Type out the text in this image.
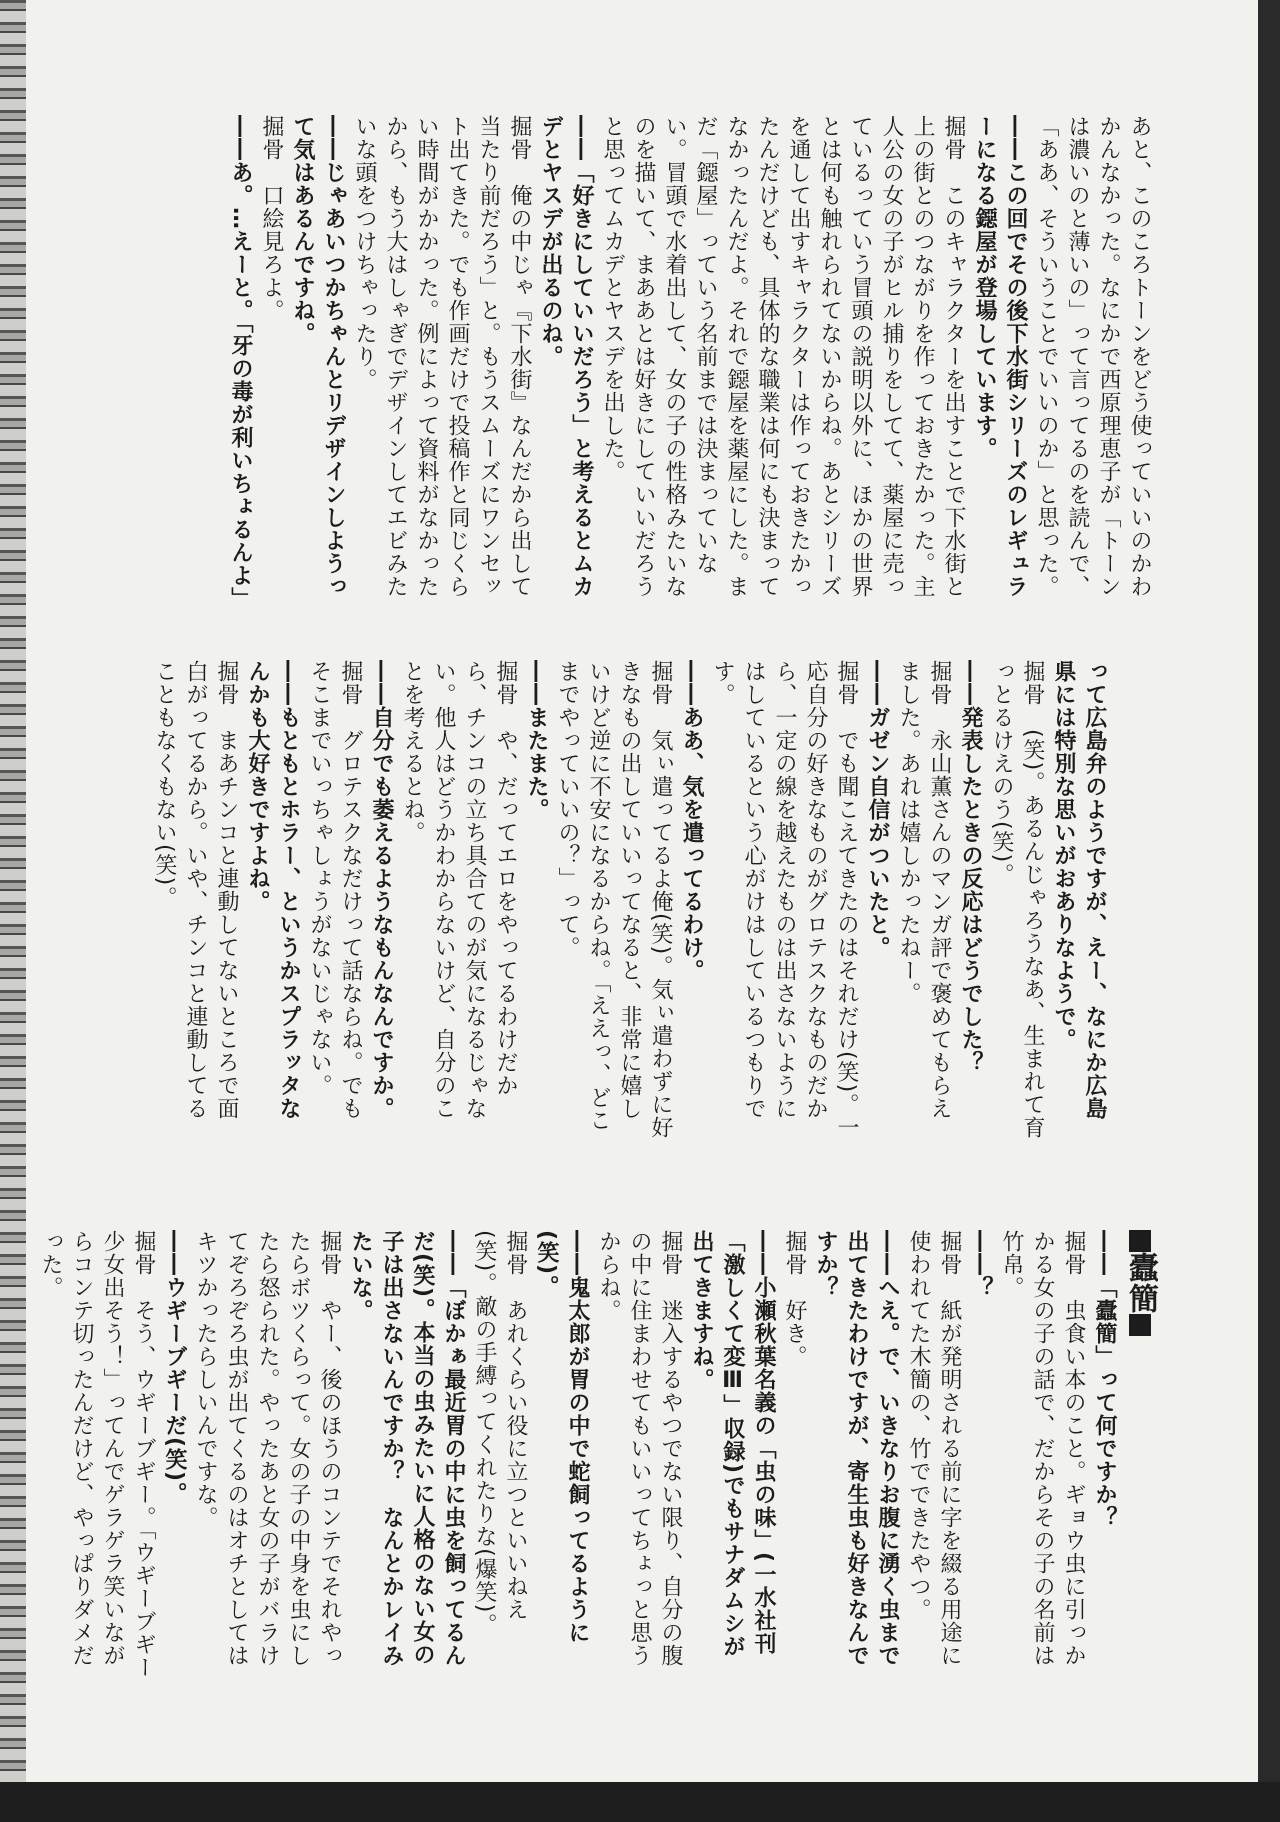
あと、このころトーンをどう使っていいのかわかんなかった。なにかで西原理恵子が「トーンは濃いのと薄いの」って言ってるのを読んで、「ああ、そういうことでいいのか」と思った。

――この回でその後下水街シリーズのレギュラーになる鐚屋が登場しています。

掘骨　このキャラクターを出すことで下水街と上の街とのつながりを作っておきたかった。主人公の女の子がヒル捕りをしてて、薬屋に売っているっていう冒頭の説明以外に、ほかの世界とは何も触れられてないからね。あとシリーズを通して出すキャラクターは作っておきたかったんだけども、具体的な職業は何にも決まってなかったんだよ。それで鐚屋を薬屋にした。まだ「鐚屋」っていう名前までは決まっていない。冒頭で水着出して、女の子の性格みたいなのを描いて、まああとは好きにしていいだろうと思ってムカデとヤスデを出した。

――「好きにしていいだろう」と考えるとムカデとヤスデが出るのね。

掘骨　俺の中じゃ『下水街』なんだから出して当たり前だろう」と。もうスムーズにワンセット出てきた。でも作画だけで投稿作と同じくらい時間がかかった。例によって資料がなかったから、もう大はしゃぎでデザインしてエビみたいな頭をつけちゃったり。

――じゃあいつかちゃんとリデザインしようって気はあるんですね。

掘骨　口絵見ろよ。

――あ。…えーと。「牙の毒が利いちょるんよ」

って広島弁のようですが、えー、なにか広島県には特別な思いがおありなようで。

掘骨　(笑)。あるんじゃろうなあ、生まれて育っとるけえのう(笑)。

――発表したときの反応はどうでした？

掘骨　永山薫さんのマンガ評で褒めてもらえました。あれは嬉しかったねー。

――ガゼン自信がついたと。

掘骨　でも聞こえてきたのはそれだけ(笑)。一応自分の好きなものがグロテスクなものだから、一定の線を越えたものは出さないようにはしているという心がけはしているつもりです。

――ああ、気を遣ってるわけ。

掘骨　気ぃ遣ってるよ俺(笑)。気ぃ遣わずに好きなもの出していいってなると、非常に嬉しいけど逆に不安になるからね。「ええっ、どこまでやっていいの？」って。

――またまた。

掘骨　や、だってエロをやってるわけだから、チンコの立ち具合てのが気になるじゃない。他人はどうかわからないけど、自分のことを考えるとね。

――自分でも萎えるようなもんなんですか。

掘骨　グロテスクなだけって話ならね。でもそこまでいっちゃしょうがないじゃない。

――もともとホラー、というかスプラッタなんかも大好きですよね。

掘骨　まあチンコと連動してないところで面白がってるから。いや、チンコと連動してることもなくもない(笑)。

蠹簡

――「蠹簡」って何ですか？

掘骨　虫食い本のこと。ギョウ虫に引っかかる女の子の話で、だからその子の名前は竹帛。

――？

掘骨　紙が発明される前に字を綴る用途に使われてた木簡の、竹でできたやつ。

――へえ。で、いきなりお腹に湧く虫まで出てきたわけですが、寄生虫も好きなんですか？

掘骨　好き。

――小瀬秋葉名義の「虫の味」(一水社刊「激しくて変Ⅲ」収録)でもサナダムシが出てきますね。

掘骨　迷入するやつでない限り、自分の腹の中に住まわせてもいいってちょっと思うからね。

――鬼太郎が胃の中で蛇飼ってるように(笑)。

掘骨　あれくらい役に立つといいねえ(笑)。敵の手縛ってくれたりな(爆笑)。

――「ぼかぁ最近胃の中に虫を飼ってるんだ(笑)。本当の虫みたいに人格のない女の子は出さないんですか？　なんとかレイみたいな。

掘骨　やー、後のほうのコンテでそれやったらボツくらって。女の子の中身を虫にしたら怒られた。やったあと女の子がバラけてぞろぞろ虫が出てくるのはオチとしてはキツかったらしいんですな。

――ウギーブギーだ(笑)。

掘骨　そう、ウギーブギー。「ウギーブギー少女出そう！」ってんでゲラゲラ笑いながらコンテ切ったんだけど、やっぱりダメだった。
